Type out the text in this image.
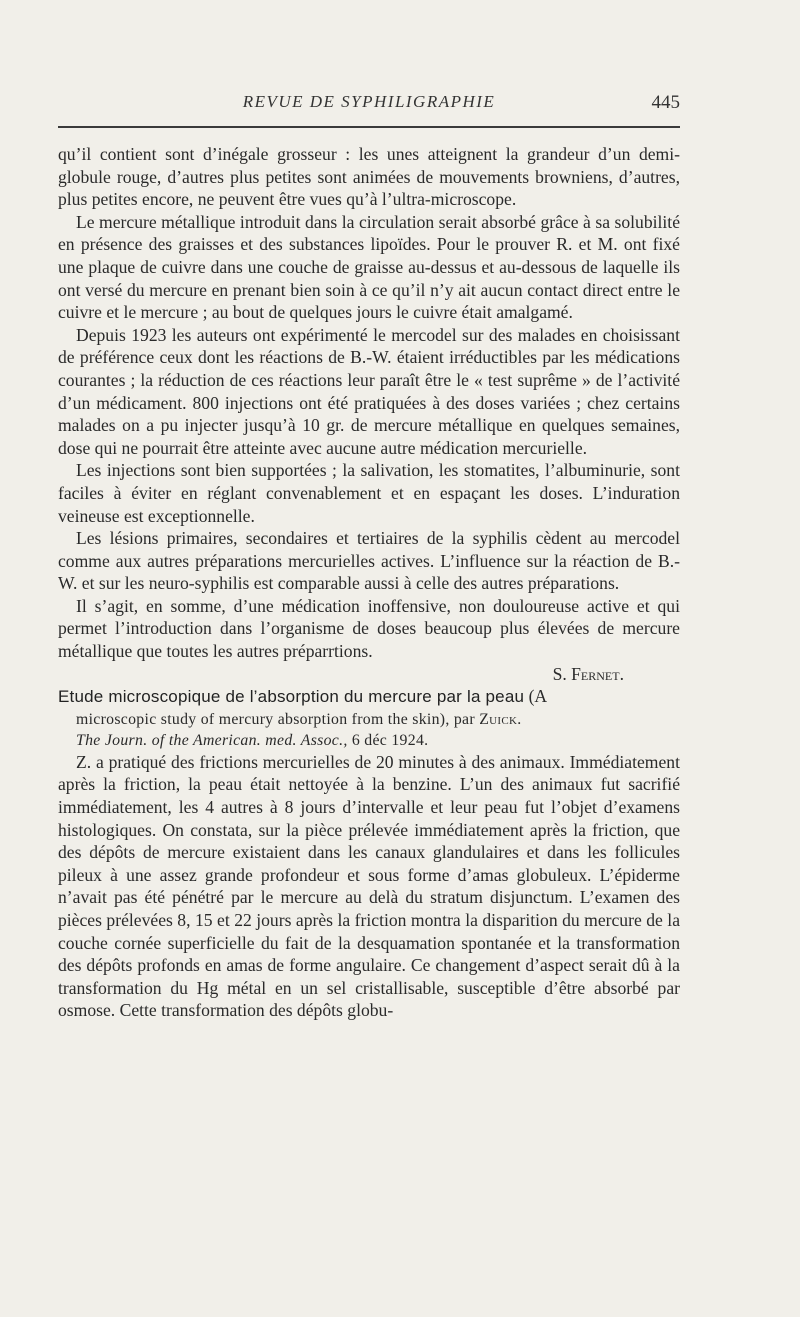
REVUE DE SYPHILIGRAPHIE	445

qu’il contient sont d’inégale grosseur : les unes atteignent la grandeur d’un demi-globule rouge, d’autres plus petites sont animées de mouvements browniens, d’autres, plus petites encore, ne peuvent être vues qu’à l’ultra-microscope.

Le mercure métallique introduit dans la circulation serait absorbé grâce à sa solubilité en présence des graisses et des substances lipoïdes. Pour le prouver R. et M. ont fixé une plaque de cuivre dans une couche de graisse au-dessus et au-dessous de laquelle ils ont versé du mercure en prenant bien soin à ce qu’il n’y ait aucun contact direct entre le cuivre et le mercure ; au bout de quelques jours le cuivre était amalgamé.

Depuis 1923 les auteurs ont expérimenté le mercodel sur des malades en choisissant de préférence ceux dont les réactions de B.-W. étaient irréductibles par les médications courantes ; la réduction de ces réactions leur paraît être le « test suprême » de l’activité d’un médicament. 800 injections ont été pratiquées à des doses variées ; chez certains malades on a pu injecter jusqu’à 10 gr. de mercure métallique en quelques semaines, dose qui ne pourrait être atteinte avec aucune autre médication mercurielle.

Les injections sont bien supportées ; la salivation, les stomatites, l’albuminurie, sont faciles à éviter en réglant convenablement et en espaçant les doses. L’induration veineuse est exceptionnelle.

Les lésions primaires, secondaires et tertiaires de la syphilis cèdent au mercodel comme aux autres préparations mercurielles actives. L’influence sur la réaction de B.-W. et sur les neuro-syphilis est comparable aussi à celle des autres préparations.

Il s’agit, en somme, d’une médication inoffensive, non douloureuse active et qui permet l’introduction dans l’organisme de doses beaucoup plus élevées de mercure métallique que toutes les autres préparrtions.

S. Fernet.

Etude microscopique de l’absorption du mercure par la peau (A
microscopic study of mercury absorption from the skin), par Zuick.
The Journ. of the American. med. Assoc., 6 déc 1924.

Z. a pratiqué des frictions mercurielles de 20 minutes à des animaux. Immédiatement après la friction, la peau était nettoyée à la benzine. L’un des animaux fut sacrifié immédiatement, les 4 autres à 8 jours d’intervalle et leur peau fut l’objet d’examens histologiques. On constata, sur la pièce prélevée immédiatement après la friction, que des dépôts de mercure existaient dans les canaux glandulaires et dans les follicules pileux à une assez grande profondeur et sous forme d’amas globuleux. L’épiderme n’avait pas été pénétré par le mercure au delà du stratum disjunctum. L’examen des pièces prélevées 8, 15 et 22 jours après la friction montra la disparition du mercure de la couche cornée superficielle du fait de la desquamation spontanée et la transformation des dépôts profonds en amas de forme angulaire. Ce changement d’aspect serait dû à la transformation du Hg métal en un sel cristallisable, susceptible d’être absorbé par osmose. Cette transformation des dépôts globu-
